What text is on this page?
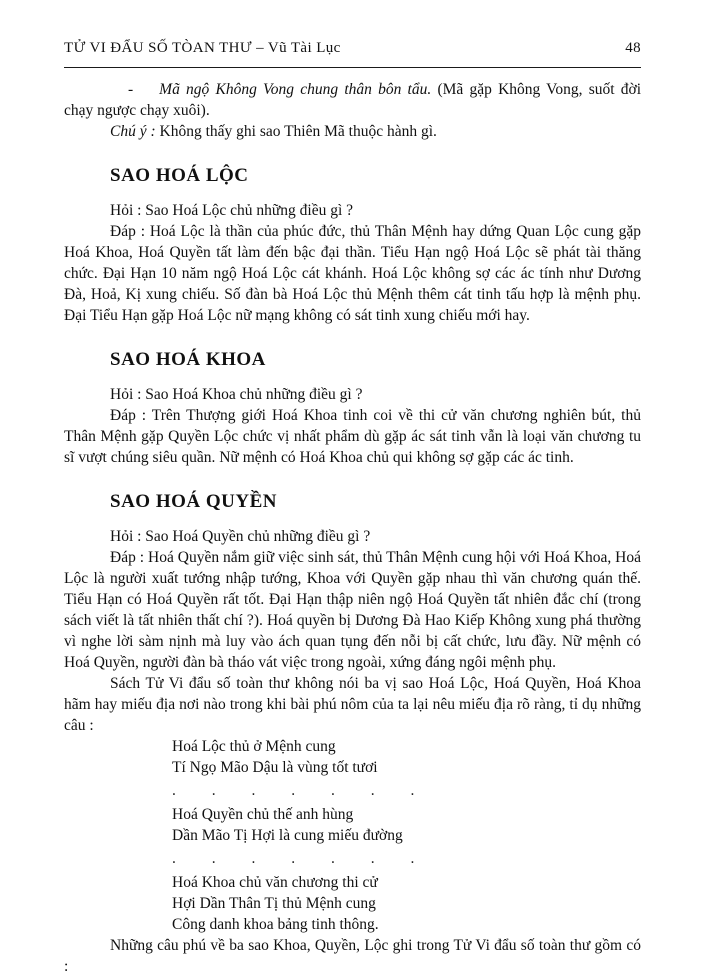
TỬ VI ĐẨU SỐ TÒAN THƯ – Vũ Tài Lục	48

- Mã ngộ Không Vong chung thân bôn tẩu. (Mã gặp Không Vong, suốt đời chạy ngược chạy xuôi).

Chú ý : Không thấy ghi sao Thiên Mã thuộc hành gì.

SAO HOÁ LỘC

Hỏi : Sao Hoá Lộc chủ những điều gì ?

Đáp : Hoá Lộc là thần của phúc đức, thủ Thân Mệnh hay dứng Quan Lộc cung gặp Hoá Khoa, Hoá Quyền tất làm đến bậc đại thần. Tiểu Hạn ngộ Hoá Lộc sẽ phát tài thăng chức. Đại Hạn 10 năm ngộ Hoá Lộc cát khánh. Hoá Lộc không sợ các ác tính như Dương Đà, Hoả, Kị xung chiếu. Số đàn bà Hoá Lộc thủ Mệnh thêm cát tinh tấu hợp là mệnh phụ. Đại Tiểu Hạn gặp Hoá Lộc nữ mạng không có sát tinh xung chiếu mới hay.

SAO HOÁ KHOA

Hỏi : Sao Hoá Khoa chủ những điều gì ?

Đáp : Trên Thượng giới Hoá Khoa tinh coi về thi cử văn chương nghiên bút, thủ Thân Mệnh gặp Quyền Lộc chức vị nhất phẩm dù gặp ác sát tinh vẫn là loại văn chương tu sĩ vượt chúng siêu quần. Nữ mệnh có Hoá Khoa chủ qui không sợ gặp các ác tinh.

SAO HOÁ QUYỀN

Hỏi : Sao Hoá Quyền chủ những điều gì ?

Đáp : Hoá Quyền nắm giữ việc sinh sát, thủ Thân Mệnh cung hội với Hoá Khoa, Hoá Lộc là người xuất tướng nhập tướng, Khoa với Quyền gặp nhau thì văn chương quán thế. Tiểu Hạn có Hoá Quyền rất tốt. Đại Hạn thập niên ngộ Hoá Quyền tất nhiên đắc chí (trong sách viết là tất nhiên thất chí ?). Hoá quyền bị Dương Đà Hao Kiếp Không xung phá thường vì nghe lời sàm nịnh mà luy vào ách quan tụng đến nỗi bị cất chức, lưu đầy. Nữ mệnh có Hoá Quyền, người đàn bà tháo vát việc trong ngoài, xứng đáng ngôi mệnh phụ.

Sách Tử Vi đẩu số toàn thư không nói ba vị sao Hoá Lộc, Hoá Quyền, Hoá Khoa hãm hay miếu địa nơi nào trong khi bài phú nôm của ta lại nêu miếu địa rõ ràng, tỉ dụ những câu :

Hoá Lộc thủ ở Mệnh cung
Tí Ngọ Mão Dậu là vùng tốt tươi
. . . . . . .
Hoá Quyền chủ thế anh hùng
Dần Mão Tị Hợi là cung miếu đường
. . . . . . .
Hoá Khoa chủ văn chương thi cử
Hợi Dần Thân Tị thủ Mệnh cung
Công danh khoa bảng tinh thông.

Những câu phú về ba sao Khoa, Quyền, Lộc ghi trong Tử Vi đẩu số toàn thư gồm có :
